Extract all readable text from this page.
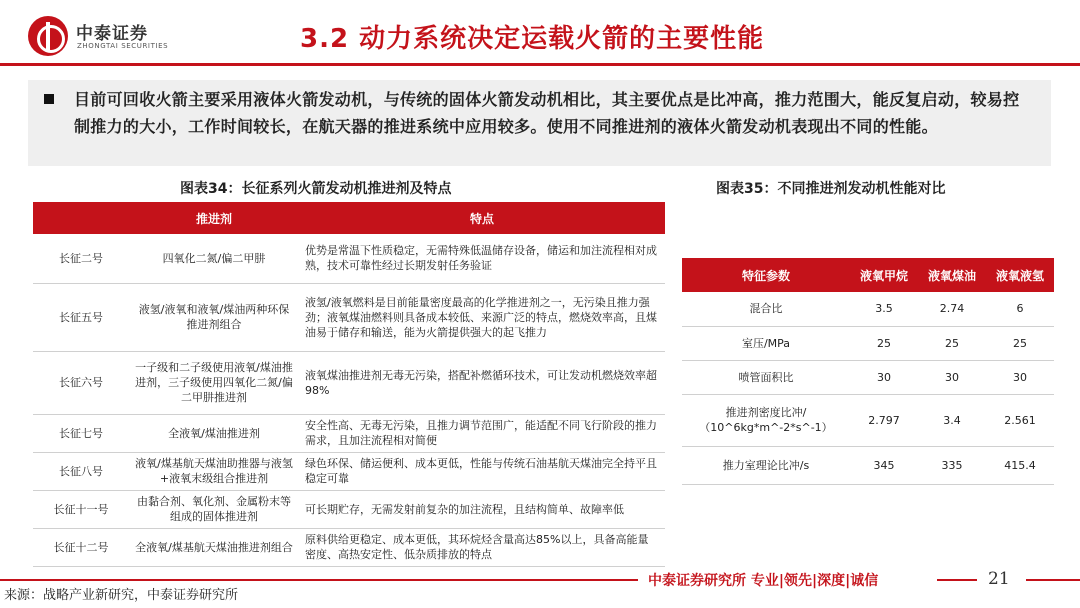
中泰证券
ZHONGTAI SECURITIES	3.2 动力系统决定运载火箭的主要性能

目前可回收火箭主要采用液体火箭发动机，与传统的固体火箭发动机相比，其主要优点是比冲高，推力范围大，能反复启动，较易控制推力的大小，工作时间较长，在航天器的推进系统中应用较多。使用不同推进剂的液体火箭发动机表现出不同的性能。

图表34：长征系列火箭发动机推进剂及特点	图表35：不同推进剂发动机性能对比
	推进剂	特点
长征二号	四氧化二氮/偏二甲肼	优势是常温下性质稳定，无需特殊低温储存设备，储运和加注流程相对成熟，技术可靠性经过长期发射任务验证
长征五号	液氢/液氧和液氧/煤油两种环保推进剂组合	液氢/液氧燃料是目前能量密度最高的化学推进剂之一，无污染且推力强劲；液氧煤油燃料则具备成本较低、来源广泛的特点，燃烧效率高，且煤油易于储存和输送，能为火箭提供强大的起飞推力
长征六号	一子级和二子级使用液氧/煤油推进剂，三子级使用四氧化二氮/偏二甲肼推进剂	液氧煤油推进剂无毒无污染，搭配补燃循环技术，可让发动机燃烧效率超98%
长征七号	全液氧/煤油推进剂	安全性高、无毒无污染，且推力调节范围广，能适配不同飞行阶段的推力需求，且加注流程相对简便
长征八号	液氧/煤基航天煤油助推器与液氢+液氧末级组合推进剂	绿色环保、储运便利、成本更低，性能与传统石油基航天煤油完全持平且稳定可靠
长征十一号	由黏合剂、氧化剂、金属粉末等组成的固体推进剂	可长期贮存，无需发射前复杂的加注流程，且结构简单、故障率低
长征十二号	全液氧/煤基航天煤油推进剂组合	原料供给更稳定、成本更低，其环烷烃含量高达85%以上，具备高能量密度、高热安定性、低杂质排放的特点
特征参数	液氧甲烷	液氧煤油	液氧液氢
混合比	3.5	2.74	6
室压/MPa	25	25	25
喷管面积比	30	30	30
推进剂密度比冲/（10^6kg*m^-2*s^-1）	2.797	3.4	2.561
推力室理论比冲/s	345	335	415.4
中泰证券研究所 专业|领先|深度|诚信	21
来源：战略产业新研究，中泰证券研究所
